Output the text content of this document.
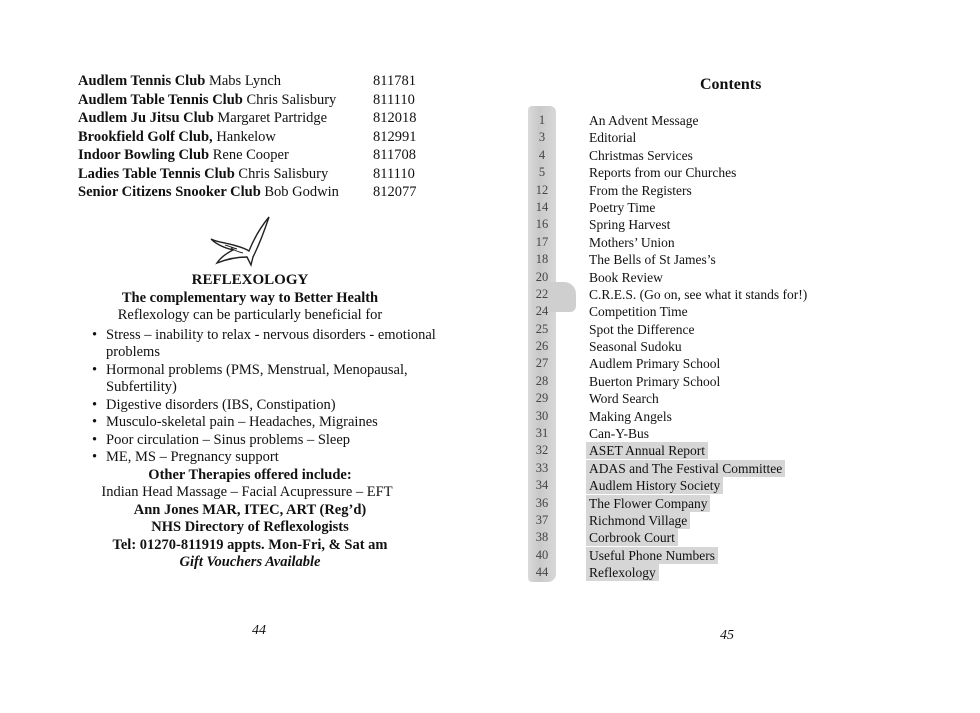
Audlem Tennis Club Mabs Lynch	811781
Audlem Table Tennis Club Chris Salisbury	811110
Audlem Ju Jitsu Club Margaret Partridge	812018
Brookfield Golf Club, Hankelow	812991
Indoor Bowling Club Rene Cooper	811708
Ladies Table Tennis Club Chris Salisbury	811110
Senior Citizens Snooker Club Bob Godwin 812077
REFLEXOLOGY
The complementary way to Better Health
Reflexology can be particularly beneficial for
• Stress – inability to relax - nervous disorders - emotional problems
• Hormonal problems (PMS, Menstrual, Menopausal, Subfertility)
• Digestive disorders (IBS, Constipation)
• Musculo-skeletal pain – Headaches, Migraines
• Poor circulation – Sinus problems – Sleep
• ME, MS – Pregnancy support
Other Therapies offered include:
Indian Head Massage – Facial Acupressure – EFT
Ann Jones MAR, ITEC, ART (Reg’d)
NHS Directory of Reflexologists
Tel: 01270-811919 appts. Mon-Fri, & Sat am
Gift Vouchers Available
44
Contents
1	An Advent Message
3	Editorial
4	Christmas Services
5	Reports from our Churches
12	From the Registers
14	Poetry Time
16	Spring Harvest
17	Mothers’ Union
18	The Bells of St James’s
20	Book Review
22	C.R.E.S. (Go on, see what it stands for!)
24	Competition Time
25	Spot the Difference
26	Seasonal Sudoku
27	Audlem Primary School
28	Buerton Primary School
29	Word Search
30	Making Angels
31	Can-Y-Bus
32	ASET Annual Report
33	ADAS and The Festival Committee
34	Audlem History Society
36	The Flower Company
37	Richmond Village
38	Corbrook Court
40	Useful Phone Numbers
44	Reflexology
45
